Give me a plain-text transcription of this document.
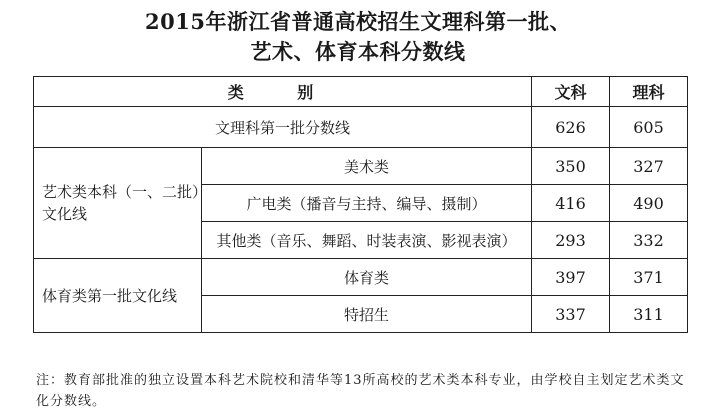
2015年浙江省普通高校招生文理科第一批、
艺术、体育本科分数线
类 别		文科	理科
文理科第一批分数线		626	605
艺术类本科（一、二批）文化线	美术类	350	327
	广电类（播音与主持、编导、摄制）	416	490
	其他类（音乐、舞蹈、时装表演、影视表演）	293	332
体育类第一批文化线	体育类	397	371
	特招生	337	311
注：教育部批准的独立设置本科艺术院校和清华等13所高校的艺术类本科专业，由学校自主划定艺术类文化分数线。
